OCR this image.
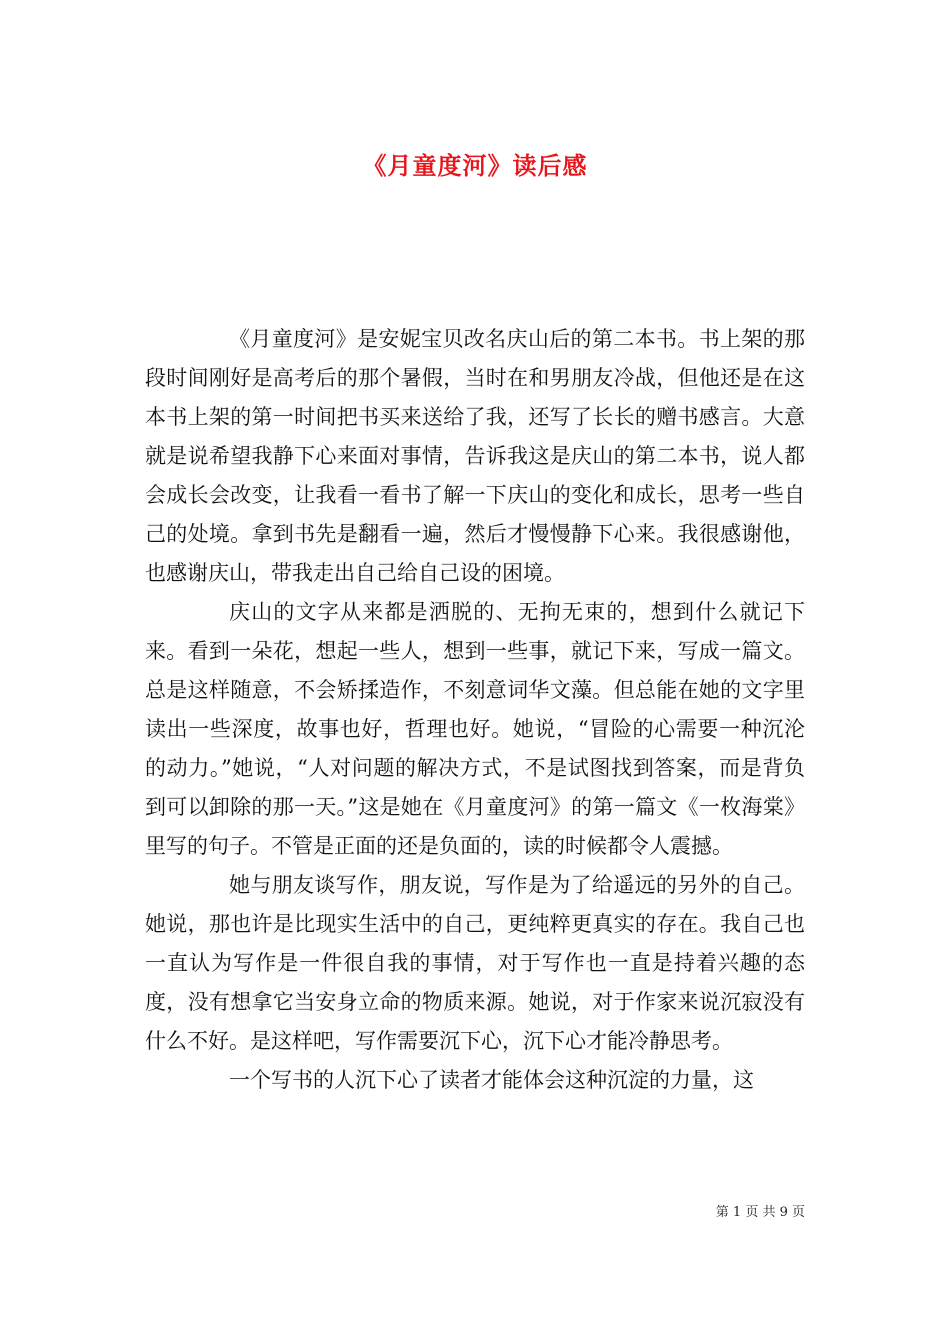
《月童度河》读后感

《月童度河》是安妮宝贝改名庆山后的第二本书。书上架的那段时间刚好是高考后的那个暑假，当时在和男朋友冷战，但他还是在这本书上架的第一时间把书买来送给了我，还写了长长的赠书感言。大意就是说希望我静下心来面对事情，告诉我这是庆山的第二本书，说人都会成长会改变，让我看一看书了解一下庆山的变化和成长，思考一些自己的处境。拿到书先是翻看一遍，然后才慢慢静下心来。我很感谢他，也感谢庆山，带我走出自己给自己设的困境。

庆山的文字从来都是洒脱的、无拘无束的，想到什么就记下来。看到一朵花，想起一些人，想到一些事，就记下来，写成一篇文。总是这样随意，不会矫揉造作，不刻意词华文藻。但总能在她的文字里读出一些深度，故事也好，哲理也好。她说，“冒险的心需要一种沉沦的动力。”她说，“人对问题的解决方式，不是试图找到答案，而是背负到可以卸除的那一天。”这是她在《月童度河》的第一篇文《一枚海棠》里写的句子。不管是正面的还是负面的，读的时候都令人震撼。

她与朋友谈写作，朋友说，写作是为了给遥远的另外的自己。她说，那也许是比现实生活中的自己，更纯粹更真实的存在。我自己也一直认为写作是一件很自我的事情，对于写作也一直是持着兴趣的态度，没有想拿它当安身立命的物质来源。她说，对于作家来说沉寂没有什么不好。是这样吧，写作需要沉下心，沉下心才能冷静思考。

一个写书的人沉下心了读者才能体会这种沉淀的力量，这

第 1 页 共 9 页
